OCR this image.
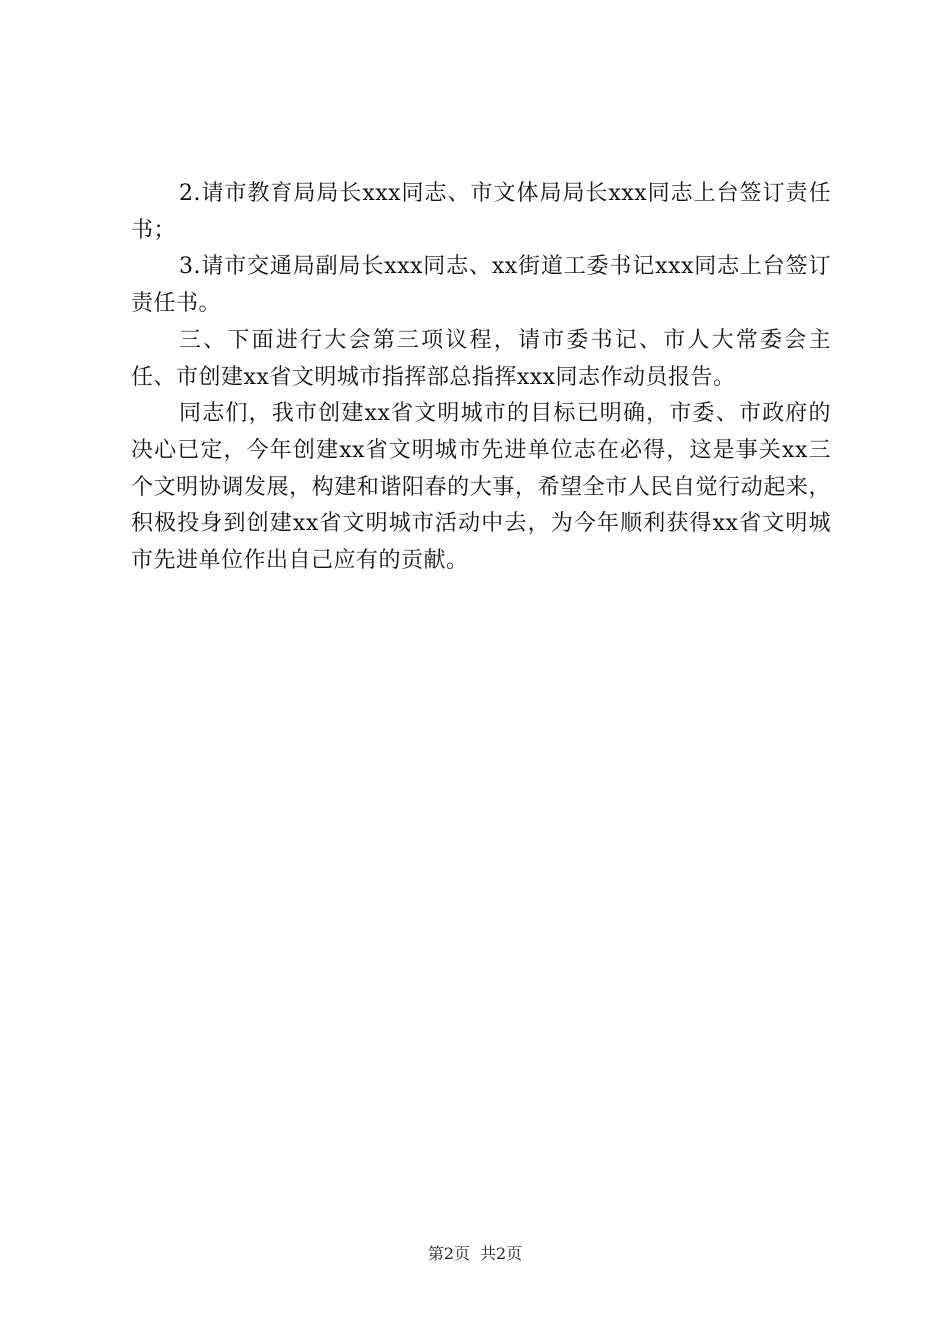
2.请市教育局局长xxx同志、市文体局局长xxx同志上台签订责任书；

3.请市交通局副局长xxx同志、xx街道工委书记xxx同志上台签订责任书。

三、下面进行大会第三项议程，请市委书记、市人大常委会主任、市创建xx省文明城市指挥部总指挥xxx同志作动员报告。

同志们，我市创建xx省文明城市的目标已明确，市委、市政府的决心已定，今年创建xx省文明城市先进单位志在必得，这是事关xx三个文明协调发展，构建和谐阳春的大事，希望全市人民自觉行动起来，积极投身到创建xx省文明城市活动中去，为今年顺利获得xx省文明城市先进单位作出自己应有的贡献。

第2页 共2页
